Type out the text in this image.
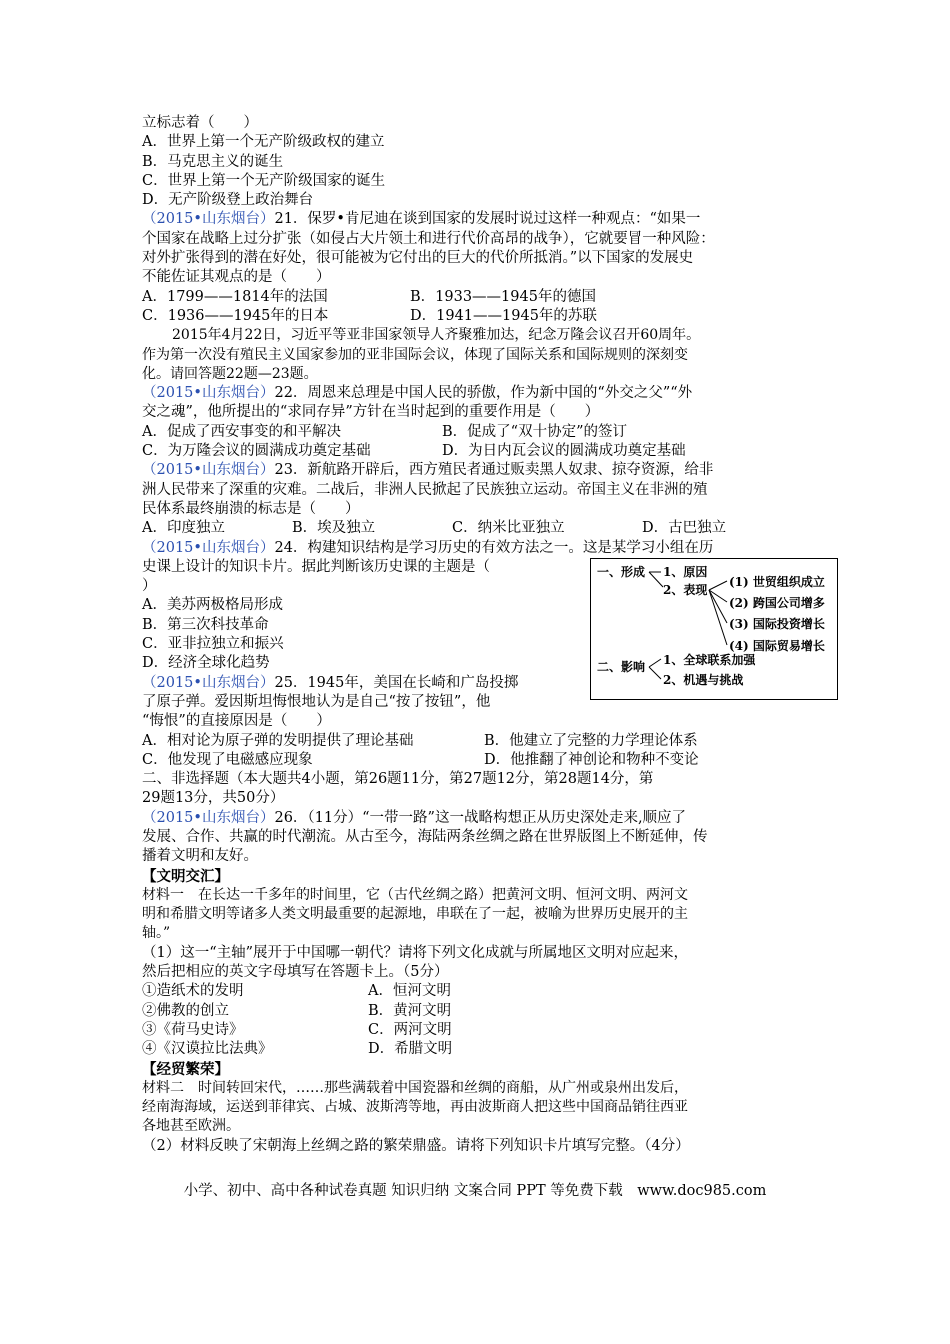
立标志着（　　）
A．世界上第一个无产阶级政权的建立
B．马克思主义的诞生
C．世界上第一个无产阶级国家的诞生
D．无产阶级登上政治舞台
（2015•山东烟台）21．保罗•肯尼迪在谈到国家的发展时说过这样一种观点：“如果一
个国家在战略上过分扩张（如侵占大片领土和进行代价高昂的战争），它就要冒一种风险：
对外扩张得到的潜在好处，很可能被为它付出的巨大的代价所抵消。”以下国家的发展史
不能佐证其观点的是（　　）
A．1799——1814年的法国	B．1933——1945年的德国
C．1936——1945年的日本	D．1941——1945年的苏联
2015年4月22日，习近平等亚非国家领导人齐聚雅加达，纪念万隆会议召开60周年。
作为第一次没有殖民主义国家参加的亚非国际会议，体现了国际关系和国际规则的深刻变
化。请回答题22题—23题。
（2015•山东烟台）22．周恩来总理是中国人民的骄傲，作为新中国的“外交之父”“外
交之魂”，他所提出的“求同存异”方针在当时起到的重要作用是（　　）
A．促成了西安事变的和平解决	B．促成了“双十协定”的签订
C．为万隆会议的圆满成功奠定基础	D．为日内瓦会议的圆满成功奠定基础
（2015•山东烟台）23．新航路开辟后，西方殖民者通过贩卖黑人奴隶、掠夺资源，给非
洲人民带来了深重的灾难。二战后，非洲人民掀起了民族独立运动。帝国主义在非洲的殖
民体系最终崩溃的标志是（　　）
A．印度独立	B．埃及独立	C．纳米比亚独立	D．古巴独立
（2015•山东烟台）24．构建知识结构是学习历史的有效方法之一。这是某学习小组在历
史课上设计的知识卡片。据此判断该历史课的主题是（
）
A．美苏两极格局形成
B．第三次科技革命
C．亚非拉独立和振兴
D．经济全球化趋势
（2015•山东烟台）25．1945年，美国在长崎和广岛投掷
了原子弹。爱因斯坦悔恨地认为是自己“按了按钮”，他
“悔恨”的直接原因是（　　）
一、形成 1、原因
2、表现
(1) 世贸组织成立
(2) 跨国公司增多
(3) 国际投资增长
(4) 国际贸易增长
二、影响 1、全球联系加强
2、机遇与挑战
A．相对论为原子弹的发明提供了理论基础	B．他建立了完整的力学理论体系
C．他发现了电磁感应现象	D．他推翻了神创论和物种不变论
二、非选择题（本大题共4小题，第26题11分，第27题12分，第28题14分，第
29题13分，共50分）
（2015•山东烟台）26．（11分）“一带一路”这一战略构想正从历史深处走来,顺应了
发展、合作、共赢的时代潮流。从古至今，海陆两条丝绸之路在世界版图上不断延伸，传
播着文明和友好。
【文明交汇】
材料一　在长达一千多年的时间里，它（古代丝绸之路）把黄河文明、恒河文明、两河文
明和希腊文明等诸多人类文明最重要的起源地，串联在了一起，被喻为世界历史展开的主
轴。”
（1）这一“主轴”展开于中国哪一朝代？请将下列文化成就与所属地区文明对应起来，
然后把相应的英文字母填写在答题卡上。（5分）
①造纸术的发明	A．恒河文明
②佛教的创立	B．黄河文明
③《荷马史诗》	C．两河文明
④《汉谟拉比法典》	D．希腊文明
【经贸繁荣】
材料二　时间转回宋代，……那些满载着中国瓷器和丝绸的商船，从广州或泉州出发后，
经南海海域，运送到菲律宾、占城、波斯湾等地，再由波斯商人把这些中国商品销往西亚
各地甚至欧洲。
（2）材料反映了宋朝海上丝绸之路的繁荣鼎盛。请将下列知识卡片填写完整。（4分）
小学、初中、高中各种试卷真题 知识归纳 文案合同 PPT 等免费下载　www.doc985.com
